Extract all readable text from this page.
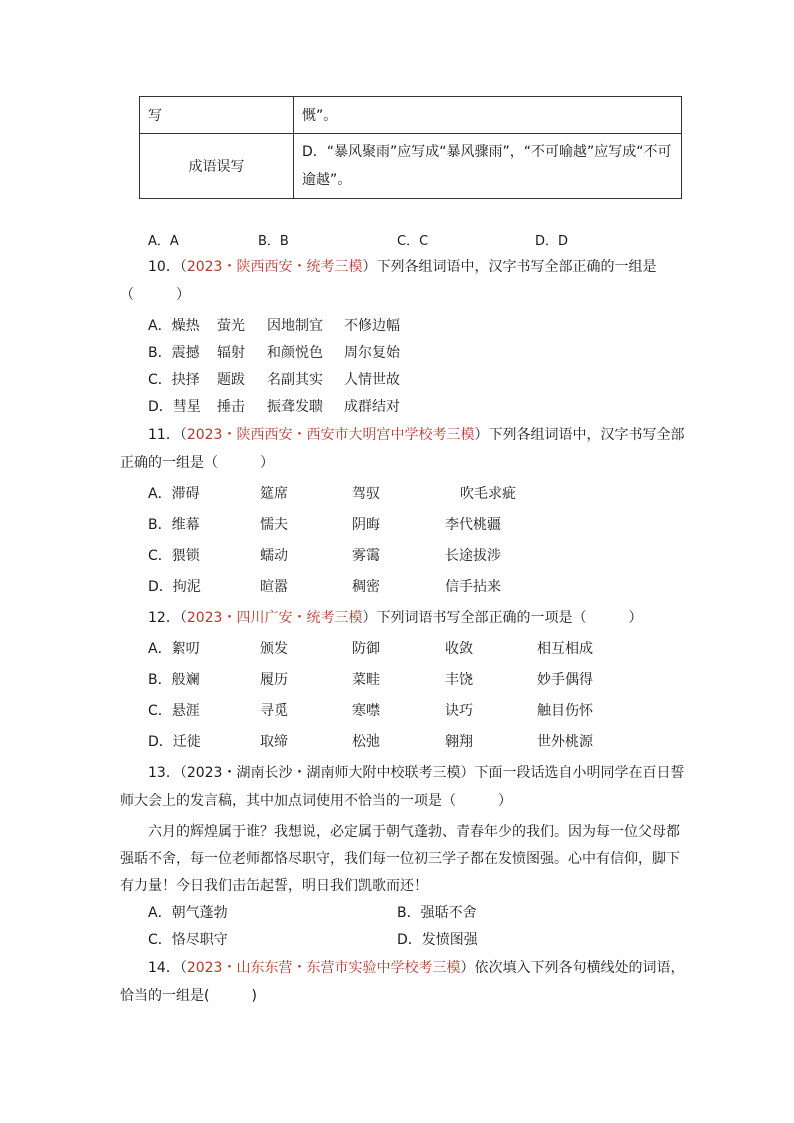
写	慨”。
成语误写	D．“暴风聚雨”应写成“暴风骤雨”，“不可喻越”应写成“不可逾越”。
A．A	B．B	C．C	D．D
10．（2023・陕西西安・统考三模）下列各组词语中，汉字书写全部正确的一组是
（　　　）
A．燥热 萤光 因地制宜 不修边幅
B．震撼 辐射 和颜悦色 周尔复始
C．抉择 题跋 名副其实 人情世故
D．彗星 捶击 振聋发聩 成群结对
11．（2023・陕西西安・西安市大明宫中学校考三模）下列各组词语中，汉字书写全部
正确的一组是（　　　）
A．滞碍	筵席	驾驭	吹毛求疵
B．维幕	懦夫	阴晦	李代桃疆
C．猥锁	蠕动	雾霭	长途拔涉
D．拘泥	暄嚣	稠密	信手拈来
12．（2023・四川广安・统考三模）下列词语书写全部正确的一项是（　　　）
A．絮叨	颁发	防御	收敛	相互相成
B．般斓	履历	菜畦	丰饶	妙手偶得
C．悬涯	寻觅	寒噤	诀巧	触目伤怀
D．迁徙	取缔	松弛	翱翔	世外桃源
13．（2023・湖南长沙・湖南师大附中校联考三模）下面一段话选自小明同学在百日誓
师大会上的发言稿，其中加点词使用不恰当的一项是（　　　）
六月的辉煌属于谁？我想说，必定属于朝气蓬勃、青春年少的我们。因为每一位父母都
强聒不舍，每一位老师都恪尽职守，我们每一位初三学子都在发愤图强。心中有信仰，脚下
有力量！今日我们击缶起誓，明日我们凯歌而还！
A．朝气蓬勃	B．强聒不舍
C．恪尽职守	D．发愤图强
14．（2023・山东东营・东营市实验中学校考三模）依次填入下列各句横线处的词语，
恰当的一组是(　　　)
